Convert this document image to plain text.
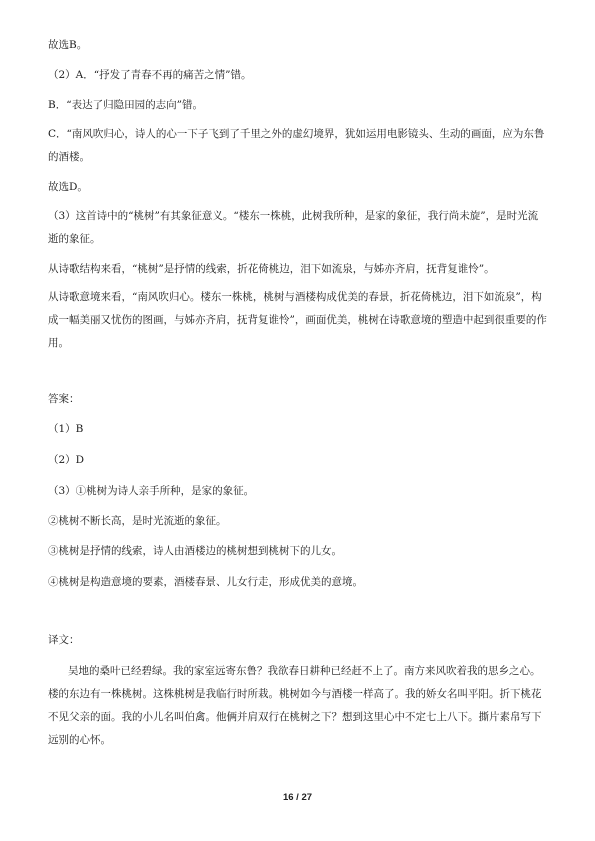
故选B。
（2）A．“抒发了青春不再的痛苦之情”错。
B．“表达了归隐田园的志向”错。
C．“南风吹归心，诗人的心一下子飞到了千里之外的虚幻境界，犹如运用电影镜头、生动的画面，应为东鲁的酒楼。
故选D。
（3）这首诗中的“桃树”有其象征意义。“楼东一株桃，此树我所种，是家的象征，我行尚未旋”，是时光流逝的象征。
从诗歌结构来看，“桃树”是抒情的线索，折花倚桃边，泪下如流泉，与姊亦齐肩，抚背复谁怜”。
从诗歌意境来看，“南风吹归心。楼东一株桃，桃树与酒楼构成优美的春景，折花倚桃边，泪下如流泉”，构成一幅美丽又忧伤的图画，与姊亦齐肩，抚背复谁怜”，画面优美，桃树在诗歌意境的塑造中起到很重要的作用。
答案：
（1）B
（2）D
（3）①桃树为诗人亲手所种，是家的象征。
②桃树不断长高，是时光流逝的象征。
③桃树是抒情的线索，诗人由酒楼边的桃树想到桃树下的儿女。
④桃树是构造意境的要素，酒楼春景、儿女行走，形成优美的意境。
译文：
吴地的桑叶已经碧绿。我的家室远寄东鲁？我欲春日耕种已经赶不上了。南方来风吹着我的思乡之心。楼的东边有一株桃树。这株桃树是我临行时所栽。桃树如今与酒楼一样高了。我的娇女名叫平阳。折下桃花不见父亲的面。我的小儿名叫伯禽。他俩并肩双行在桃树之下？想到这里心中不定七上八下。撕片素帛写下远别的心怀。
16 / 27
